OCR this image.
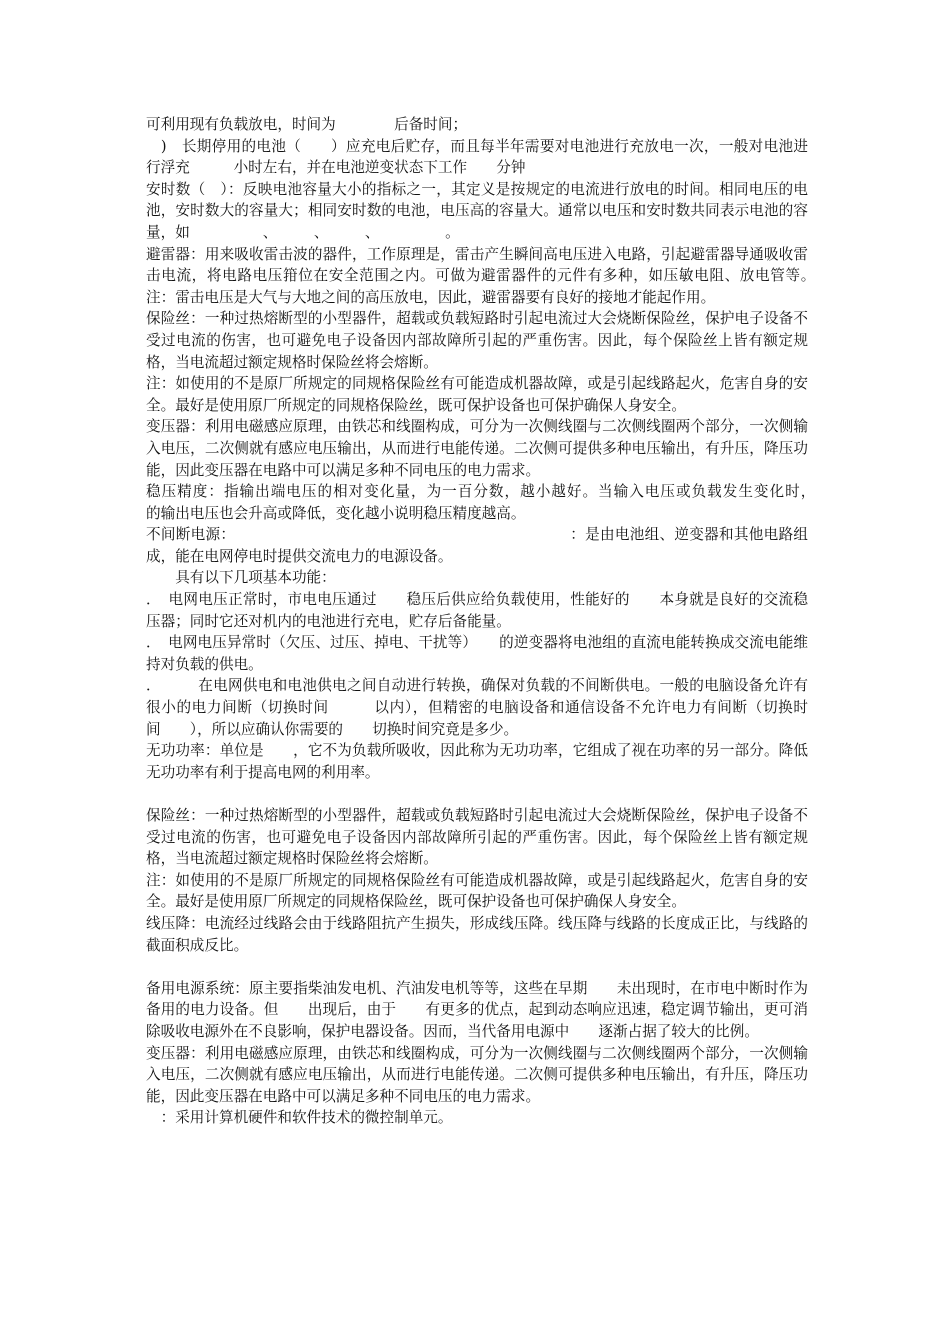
可利用现有负载放电，时间为　　　　后备时间；

　)　长期停用的电池（　　）应充电后贮存，而且每半年需要对电池进行充放电一次，一般对电池进行浮充　　　小时左右，并在电池逆变状态下工作　　分钟

安时数（　）：反映电池容量大小的指标之一，其定义是按规定的电流进行放电的时间。相同电压的电池，安时数大的容量大；相同安时数的电池，电压高的容量大。通常以电压和安时数共同表示电池的容量，如　　　　　、　　　、　　　、　　　　　。

避雷器：用来吸收雷击波的器件，工作原理是，雷击产生瞬间高电压进入电路，引起避雷器导通吸收雷击电流，将电路电压箝位在安全范围之内。可做为避雷器件的元件有多种，如压敏电阻、放电管等。　注：雷击电压是大气与大地之间的高压放电，因此，避雷器要有良好的接地才能起作用。

保险丝：一种过热熔断型的小型器件，超载或负载短路时引起电流过大会烧断保险丝，保护电子设备不受过电流的伤害，也可避免电子设备因内部故障所引起的严重伤害。因此，每个保险丝上皆有额定规格，当电流超过额定规格时保险丝将会熔断。

注：如使用的不是原厂所规定的同规格保险丝有可能造成机器故障，或是引起线路起火，危害自身的安全。最好是使用原厂所规定的同规格保险丝，既可保护设备也可保护确保人身安全。

变压器：利用电磁感应原理，由铁芯和线圈构成，可分为一次侧线圈与二次侧线圈两个部分，一次侧输入电压，二次侧就有感应电压输出，从而进行电能传递。二次侧可提供多种电压输出，有升压，降压功能，因此变压器在电路中可以满足多种不同电压的电力需求。

稳压精度：指输出端电压的相对变化量，为一百分数，越小越好。当输入电压或负载发生变化时，　　的输出电压也会升高或降低，变化越小说明稳压精度越高。

不间断电源：　　　　　　　　　　　　　　　　　　　　　　　：是由电池组、逆变器和其他电路组成，能在电网停电时提供交流电力的电源设备。

　　具有以下几项基本功能：

．　电网电压正常时，市电电压通过　　稳压后供应给负载使用，性能好的　　本身就是良好的交流稳压器；同时它还对机内的电池进行充电，贮存后备能量。

．　电网电压异常时（欠压、过压、掉电、干扰等）　　的逆变器将电池组的直流电能转换成交流电能维持对负载的供电。

．　　　在电网供电和电池供电之间自动进行转换，确保对负载的不间断供电。一般的电脑设备允许有很小的电力间断（切换时间　　　以内），但精密的电脑设备和通信设备不允许电力有间断（切换时间　　），所以应确认你需要的　　切换时间究竟是多少。

无功功率：单位是　　，它不为负载所吸收，因此称为无功功率，它组成了视在功率的另一部分。降低无功功率有利于提高电网的利用率。

保险丝：一种过热熔断型的小型器件，超载或负载短路时引起电流过大会烧断保险丝，保护电子设备不受过电流的伤害，也可避免电子设备因内部故障所引起的严重伤害。因此，每个保险丝上皆有额定规格，当电流超过额定规格时保险丝将会熔断。

注：如使用的不是原厂所规定的同规格保险丝有可能造成机器故障，或是引起线路起火，危害自身的安全。最好是使用原厂所规定的同规格保险丝，既可保护设备也可保护确保人身安全。

线压降：电流经过线路会由于线路阻抗产生损失，形成线压降。线压降与线路的长度成正比，与线路的截面积成反比。

备用电源系统：原主要指柴油发电机、汽油发电机等等，这些在早期　　未出现时，在市电中断时作为备用的电力设备。但　　出现后，由于　　有更多的优点，起到动态响应迅速，稳定调节输出，更可消除吸收电源外在不良影响，保护电器设备。因而，当代备用电源中　　逐渐占据了较大的比例。

变压器：利用电磁感应原理，由铁芯和线圈构成，可分为一次侧线圈与二次侧线圈两个部分，一次侧输入电压，二次侧就有感应电压输出，从而进行电能传递。二次侧可提供多种电压输出，有升压，降压功能，因此变压器在电路中可以满足多种不同电压的电力需求。

　：采用计算机硬件和软件技术的微控制单元。
